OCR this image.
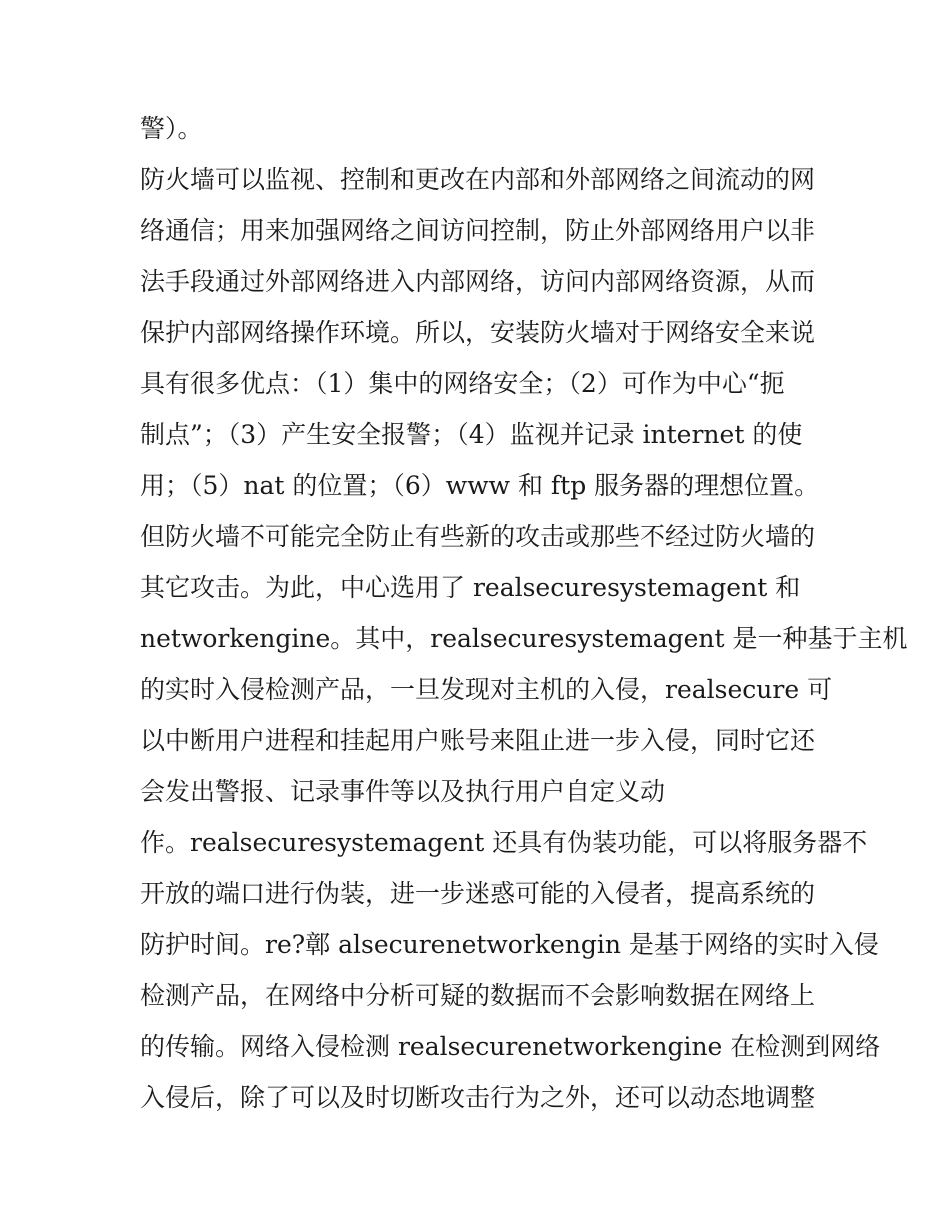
警）。
防火墙可以监视、控制和更改在内部和外部网络之间流动的网
络通信；用来加强网络之间访问控制，防止外部网络用户以非
法手段通过外部网络进入内部网络，访问内部网络资源，从而
保护内部网络操作环境。所以，安装防火墙对于网络安全来说
具有很多优点：（1）集中的网络安全；（2）可作为中心“扼
制点”；（3）产生安全报警；（4）监视并记录 internet 的使
用；（5）nat 的位置；（6）www 和 ftp 服务器的理想位置。
但防火墙不可能完全防止有些新的攻击或那些不经过防火墙的
其它攻击。为此，中心选用了 realsecuresystemagent 和
networkengine。其中，realsecuresystemagent 是一种基于主机
的实时入侵检测产品，一旦发现对主机的入侵，realsecure 可
以中断用户进程和挂起用户账号来阻止进一步入侵，同时它还
会发出警报、记录事件等以及执行用户自定义动
作。realsecuresystemagent 还具有伪装功能，可以将服务器不
开放的端口进行伪装，进一步迷惑可能的入侵者，提高系统的
防护时间。re?鄣 alsecurenetworkengin 是基于网络的实时入侵
检测产品，在网络中分析可疑的数据而不会影响数据在网络上
的传输。网络入侵检测 realsecurenetworkengine 在检测到网络
入侵后，除了可以及时切断攻击行为之外，还可以动态地调整
